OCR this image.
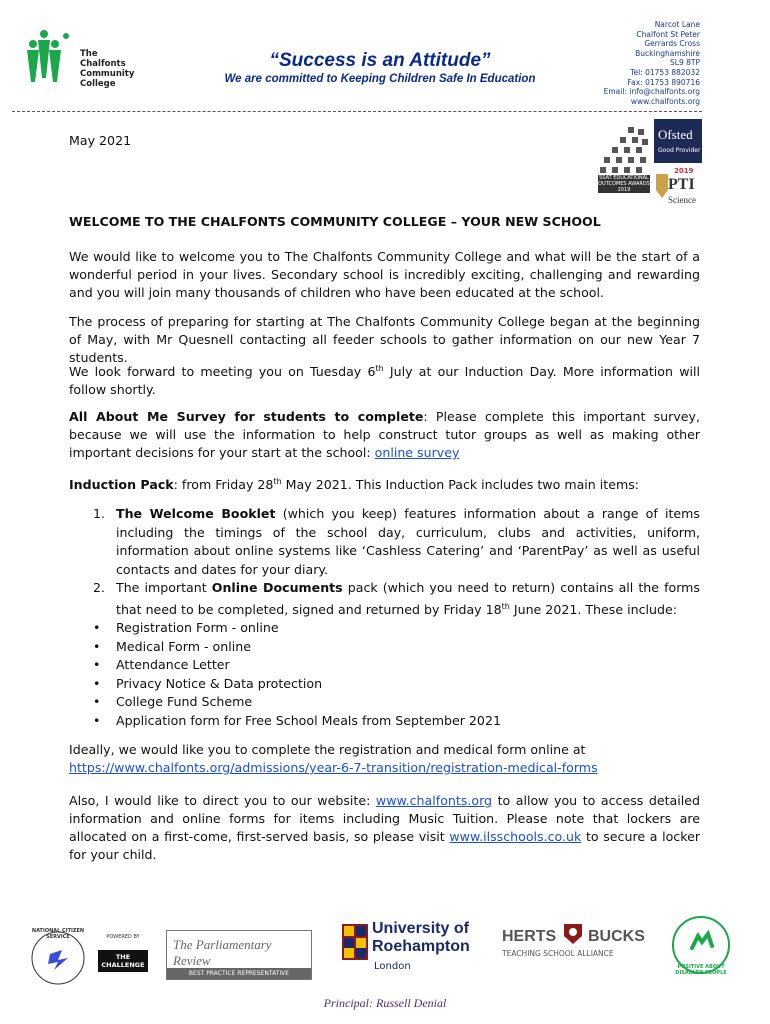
The
Chalfonts
Community
College
“Success is an Attitude”
We are committed to Keeping Children Safe In Education
Narcot Lane
Chalfont St Peter
Gerrards Cross
Buckinghamshire
SL9 8TP
Tel: 01753 882032
Fax: 01753 890716
Email: info@chalfonts.org
www.chalfonts.org
Ofsted
Good Provider
SSAT EDUCATIONAL OUTCOMES AWARDS 2019
2019
PTI
Science
May 2021
WELCOME TO THE CHALFONTS COMMUNITY COLLEGE – YOUR NEW SCHOOL

We would like to welcome you to The Chalfonts Community College and what will be the start of a wonderful period in your lives. Secondary school is incredibly exciting, challenging and rewarding and you will join many thousands of children who have been educated at the school.

The process of preparing for starting at The Chalfonts Community College began at the beginning of May, with Mr Quesnell contacting all feeder schools to gather information on our new Year 7 students.

We look forward to meeting you on Tuesday 6th July at our Induction Day. More information will follow shortly.

All About Me Survey for students to complete: Please complete this important survey, because we will use the information to help construct tutor groups as well as making other important decisions for your start at the school: online survey

Induction Pack: from Friday 28th May 2021. This Induction Pack includes two main items:

1. The Welcome Booklet (which you keep) features information about a range of items including the timings of the school day, curriculum, clubs and activities, uniform, information about online systems like ‘Cashless Catering’ and ‘ParentPay’ as well as useful contacts and dates for your diary.
2. The important Online Documents pack (which you need to return) contains all the forms that need to be completed, signed and returned by Friday 18th June 2021. These include:
• Registration Form - online
• Medical Form - online
• Attendance Letter
• Privacy Notice & Data protection
• College Fund Scheme
• Application form for Free School Meals from September 2021

Ideally, we would like you to complete the registration and medical form online at
https://www.chalfonts.org/admissions/year-6-7-transition/registration-medical-forms

Also, I would like to direct you to our website: www.chalfonts.org to allow you to access detailed information and online forms for items including Music Tuition. Please note that lockers are allocated on a first-come, first-served basis, so please visit www.ilsschools.co.uk to secure a locker for your child.

NATIONAL CITIZEN SERVICE	POWERED BY
THE CHALLENGE
The Parliamentary Review
BEST PRACTICE REPRESENTATIVE
University of
Roehampton
London
HERTS BUCKS
TEACHING SCHOOL ALLIANCE
POSITIVE ABOUT DISABLED PEOPLE
Principal: Russell Denial
